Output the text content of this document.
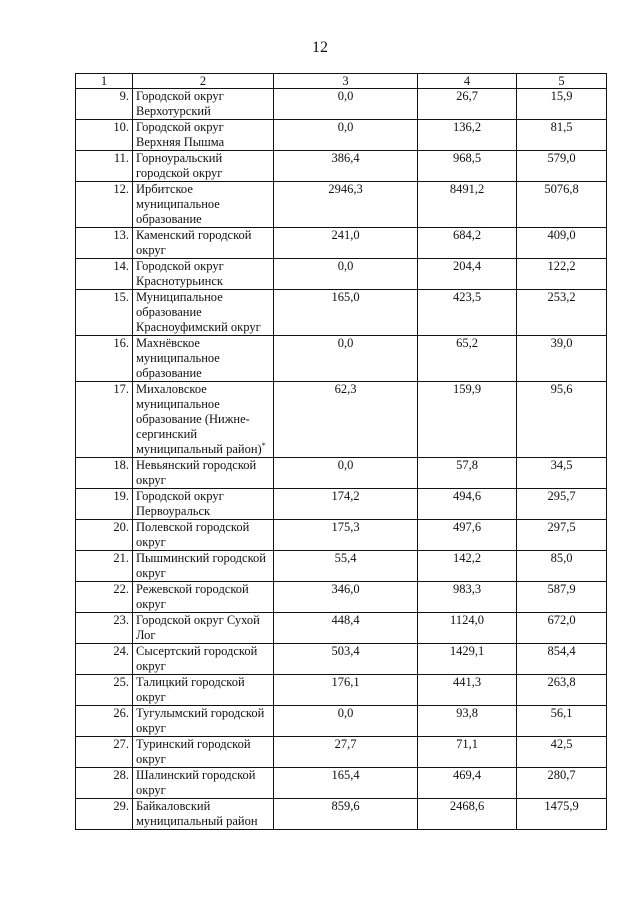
12
1	2	3	4	5
9.	Городской округ Верхотурский	0,0	26,7	15,9
10.	Городской округ Верхняя Пышма	0,0	136,2	81,5
11.	Горноуральский городской округ	386,4	968,5	579,0
12.	Ирбитское муниципальное образование	2946,3	8491,2	5076,8
13.	Каменский городской округ	241,0	684,2	409,0
14.	Городской округ Краснотурьинск	0,0	204,4	122,2
15.	Муниципальное образование Красноуфимский округ	165,0	423,5	253,2
16.	Махнёвское муниципальное образование	0,0	65,2	39,0
17.	Михаловское муниципальное образование (Нижне-сергинский муниципальный район)*	62,3	159,9	95,6
18.	Невьянский городской округ	0,0	57,8	34,5
19.	Городской округ Первоуральск	174,2	494,6	295,7
20.	Полевской городской округ	175,3	497,6	297,5
21.	Пышминский городской округ	55,4	142,2	85,0
22.	Режевской городской округ	346,0	983,3	587,9
23.	Городской округ Сухой Лог	448,4	1124,0	672,0
24.	Сысертский городской округ	503,4	1429,1	854,4
25.	Талицкий городской округ	176,1	441,3	263,8
26.	Тугулымский городской округ	0,0	93,8	56,1
27.	Туринский городской округ	27,7	71,1	42,5
28.	Шалинский городской округ	165,4	469,4	280,7
29.	Байкаловский муниципальный район	859,6	2468,6	1475,9
